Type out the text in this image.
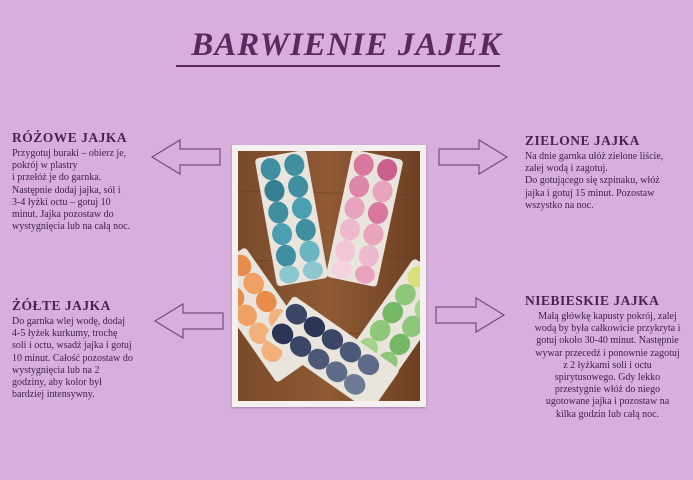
BARWIENIE JAJEK
RÓŻOWE JAJKA

Przygotuj buraki – obierz je,
pokrój w plastry
i przełóż je do garnka.
Następnie dodaj jajka, sól i
3-4 łyżki octu – gotuj 10
minut. Jajka pozostaw do
wystygnięcia lub na całą noc.

ŻÓŁTE JAJKA

Do garnka wlej wodę, dodaj
4-5 łyżek kurkumy, trochę
soli i octu, wsadź jajka i gotuj
10 minut. Całość pozostaw do
wystygnięcia lub na 2
godziny, aby kolor był
bardziej intensywny.

ZIELONE JAJKA

Na dnie garnka ułóż zielone liście,
zalej wodą i zagotuj.
Do gotującego się szpinaku, włóż
jajka i gotuj 15 minut. Pozostaw
wszystko na noc.

NIEBIESKIE JAJKA

Małą główkę kapusty pokrój, zalej
wodą by była całkowicie przykryta i
gotuj około 30-40 minut. Następnie
wywar przecedź i ponownie zagotuj
z 2 łyżkami soli i octu
spirytusowego. Gdy lekko
przestygnie włóż do niego
ugotowane jajka i pozostaw na
kilka godzin lub całą noc.
